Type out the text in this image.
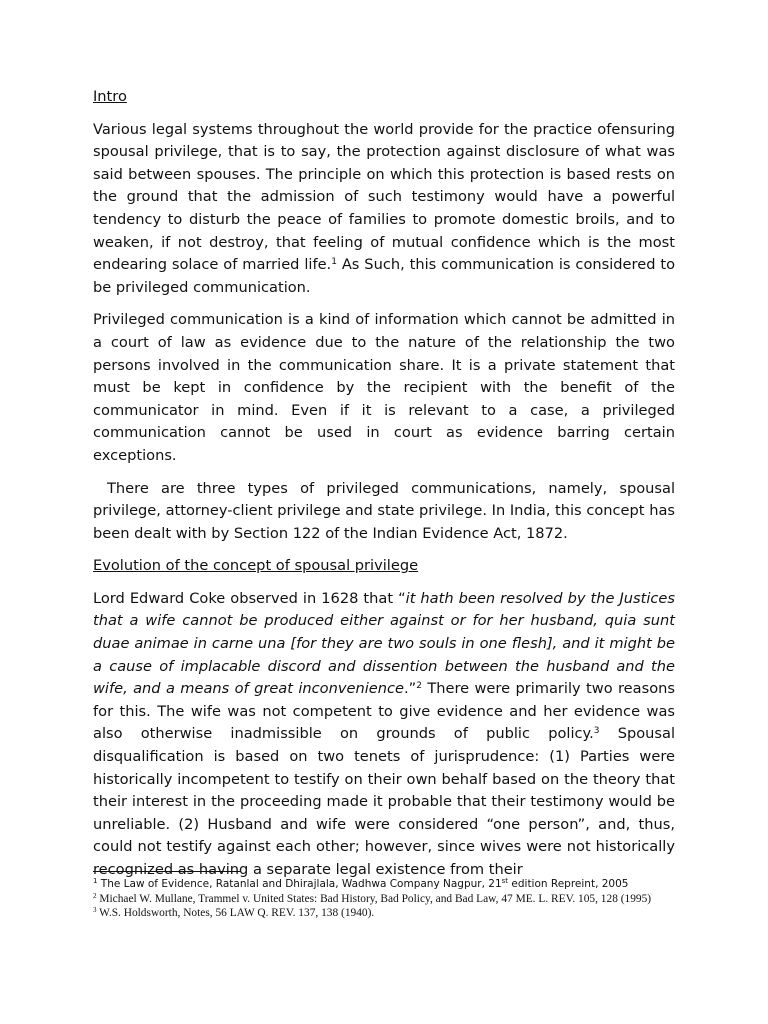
Intro

Various legal systems throughout the world provide for the practice ofensuring spousal privilege, that is to say, the protection against disclosure of what was said between spouses. The principle on which this protection is based rests on the ground that the admission of such testimony would have a powerful tendency to disturb the peace of families to promote domestic broils, and to weaken, if not destroy, that feeling of mutual confidence which is the most endearing solace of married life.$^1$ As Such, this communication is considered to be privileged communication.

Privileged communication is a kind of information which cannot be admitted in a court of law as evidence due to the nature of the relationship the two persons involved in the communication share. It is a private statement that must be kept in confidence by the recipient with the benefit of the communicator in mind. Even if it is relevant to a case, a privileged communication cannot be used in court as evidence barring certain exceptions.

There are three types of privileged communications, namely, spousal privilege, attorney-client privilege and state privilege. In India, this concept has been dealt with by Section 122 of the Indian Evidence Act, 1872.

Evolution of the concept of spousal privilege

Lord Edward Coke observed in 1628 that “it hath been resolved by the Justices that a wife cannot be produced either against or for her husband, quia sunt duae animae in carne una [for they are two souls in one flesh], and it might be a cause of implacable discord and dissention between the husband and the wife, and a means of great inconvenience.”$^2$ There were primarily two reasons for this. The wife was not competent to give evidence and her evidence was also otherwise inadmissible on grounds of public policy.$^3$ Spousal disqualification is based on two tenets of jurisprudence: (1) Parties were historically incompetent to testify on their own behalf based on the theory that their interest in the proceeding made it probable that their testimony would be unreliable. (2) Husband and wife were considered “one person”, and, thus, could not testify against each other; however, since wives were not historically recognized as having a separate legal existence from their

$^1$ The Law of Evidence, Ratanlal and Dhirajlala, Wadhwa Company Nagpur, 21st edition Repreint, 2005

$^2$ Michael W. Mullane, Trammel v. United States: Bad History, Bad Policy, and Bad Law, 47 ME. L. REV. 105, 128 (1995)

$^3$ W.S. Holdsworth, Notes, 56 LAW Q. REV. 137, 138 (1940).
